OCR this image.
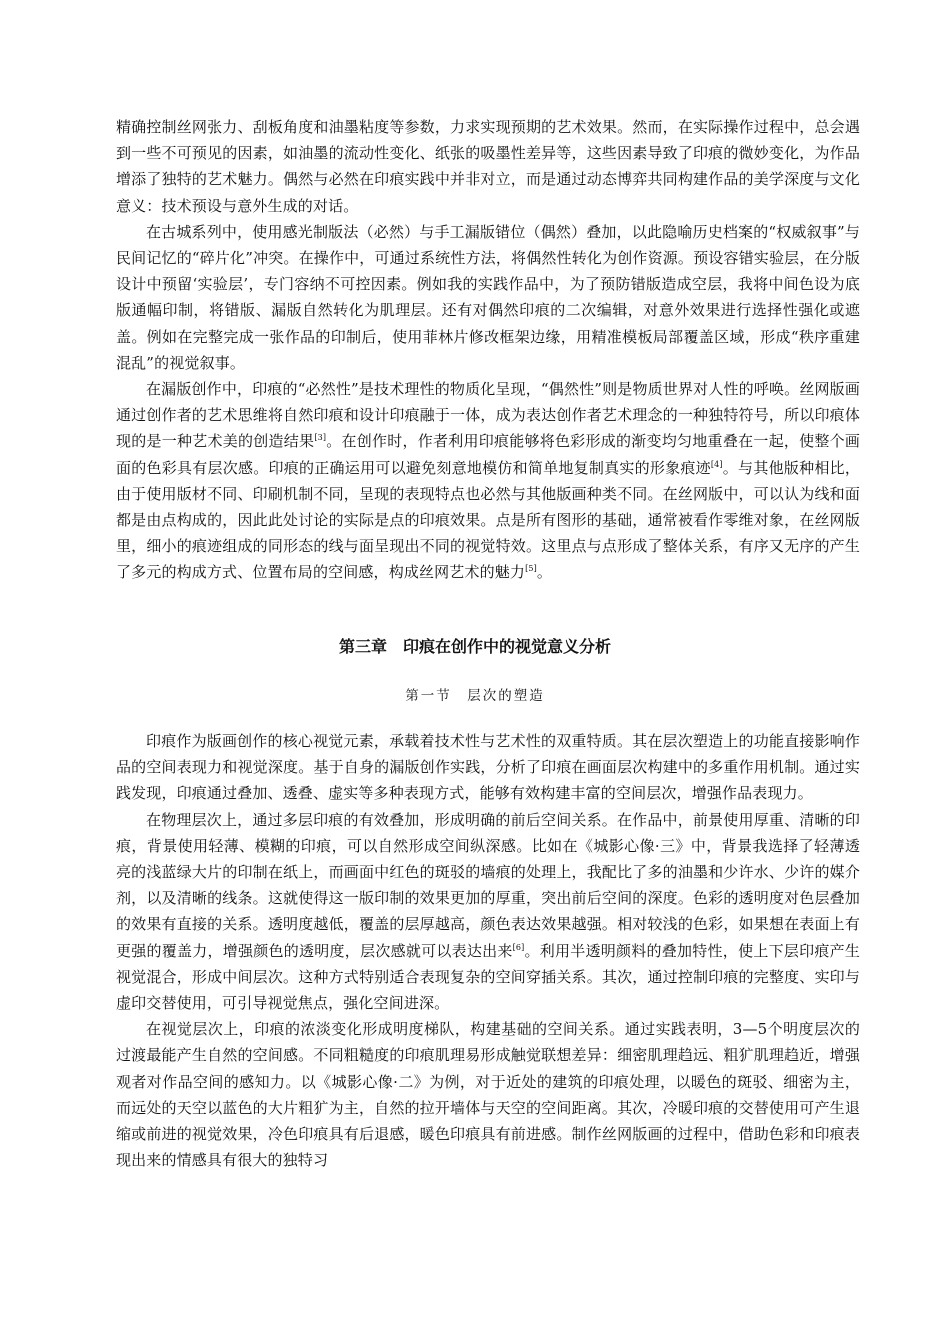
精确控制丝网张力、刮板角度和油墨粘度等参数，力求实现预期的艺术效果。然而，在实际操作过程中，总会遇到一些不可预见的因素，如油墨的流动性变化、纸张的吸墨性差异等，这些因素导致了印痕的微妙变化，为作品增添了独特的艺术魅力。偶然与必然在印痕实践中并非对立，而是通过动态博弈共同构建作品的美学深度与文化意义：技术预设与意外生成的对话。

在古城系列中，使用感光制版法（必然）与手工漏版错位（偶然）叠加，以此隐喻历史档案的“权威叙事”与民间记忆的“碎片化”冲突。在操作中，可通过系统性方法，将偶然性转化为创作资源。预设容错实验层，在分版设计中预留‘实验层’，专门容纳不可控因素。例如我的实践作品中，为了预防错版造成空层，我将中间色设为底版通幅印制，将错版、漏版自然转化为肌理层。还有对偶然印痕的二次编辑，对意外效果进行选择性强化或遮盖。例如在完整完成一张作品的印制后，使用菲林片修改框架边缘，用精准模板局部覆盖区域，形成“秩序重建混乱”的视觉叙事。

在漏版创作中，印痕的“必然性”是技术理性的物质化呈现，“偶然性”则是物质世界对人性的呼唤。丝网版画通过创作者的艺术思维将自然印痕和设计印痕融于一体，成为表达创作者艺术理念的一种独特符号，所以印痕体现的是一种艺术美的创造结果[3]。在创作时，作者利用印痕能够将色彩形成的渐变均匀地重叠在一起，使整个画面的色彩具有层次感。印痕的正确运用可以避免刻意地模仿和简单地复制真实的形象痕迹[4]。与其他版种相比，由于使用版材不同、印刷机制不同，呈现的表现特点也必然与其他版画种类不同。在丝网版中，可以认为线和面都是由点构成的，因此此处讨论的实际是点的印痕效果。点是所有图形的基础，通常被看作零维对象，在丝网版里，细小的痕迹组成的同形态的线与面呈现出不同的视觉特效。这里点与点形成了整体关系，有序又无序的产生了多元的构成方式、位置布局的空间感，构成丝网艺术的魅力[5]。

第三章　印痕在创作中的视觉意义分析
第一节　层次的塑造

印痕作为版画创作的核心视觉元素，承载着技术性与艺术性的双重特质。其在层次塑造上的功能直接影响作品的空间表现力和视觉深度。基于自身的漏版创作实践，分析了印痕在画面层次构建中的多重作用机制。通过实践发现，印痕通过叠加、透叠、虚实等多种表现方式，能够有效构建丰富的空间层次，增强作品表现力。

在物理层次上，通过多层印痕的有效叠加，形成明确的前后空间关系。在作品中，前景使用厚重、清晰的印痕，背景使用轻薄、模糊的印痕，可以自然形成空间纵深感。比如在《城影心像·三》中，背景我选择了轻薄透亮的浅蓝绿大片的印制在纸上，而画面中红色的斑驳的墙痕的处理上，我配比了多的油墨和少许水、少许的媒介剂，以及清晰的线条。这就使得这一版印制的效果更加的厚重，突出前后空间的深度。色彩的透明度对色层叠加的效果有直接的关系。透明度越低，覆盖的层厚越高，颜色表达效果越强。相对较浅的色彩，如果想在表面上有更强的覆盖力，增强颜色的透明度，层次感就可以表达出来[6]。利用半透明颜料的叠加特性，使上下层印痕产生视觉混合，形成中间层次。这种方式特别适合表现复杂的空间穿插关系。其次，通过控制印痕的完整度、实印与虚印交替使用，可引导视觉焦点，强化空间进深。

在视觉层次上，印痕的浓淡变化形成明度梯队，构建基础的空间关系。通过实践表明，3—5个明度层次的过渡最能产生自然的空间感。不同粗糙度的印痕肌理易形成触觉联想差异：细密肌理趋远、粗犷肌理趋近，增强观者对作品空间的感知力。以《城影心像·二》为例，对于近处的建筑的印痕处理，以暖色的斑驳、细密为主，而远处的天空以蓝色的大片粗犷为主，自然的拉开墙体与天空的空间距离。其次，冷暖印痕的交替使用可产生退缩或前进的视觉效果，冷色印痕具有后退感，暖色印痕具有前进感。制作丝网版画的过程中，借助色彩和印痕表现出来的情感具有很大的独特习
